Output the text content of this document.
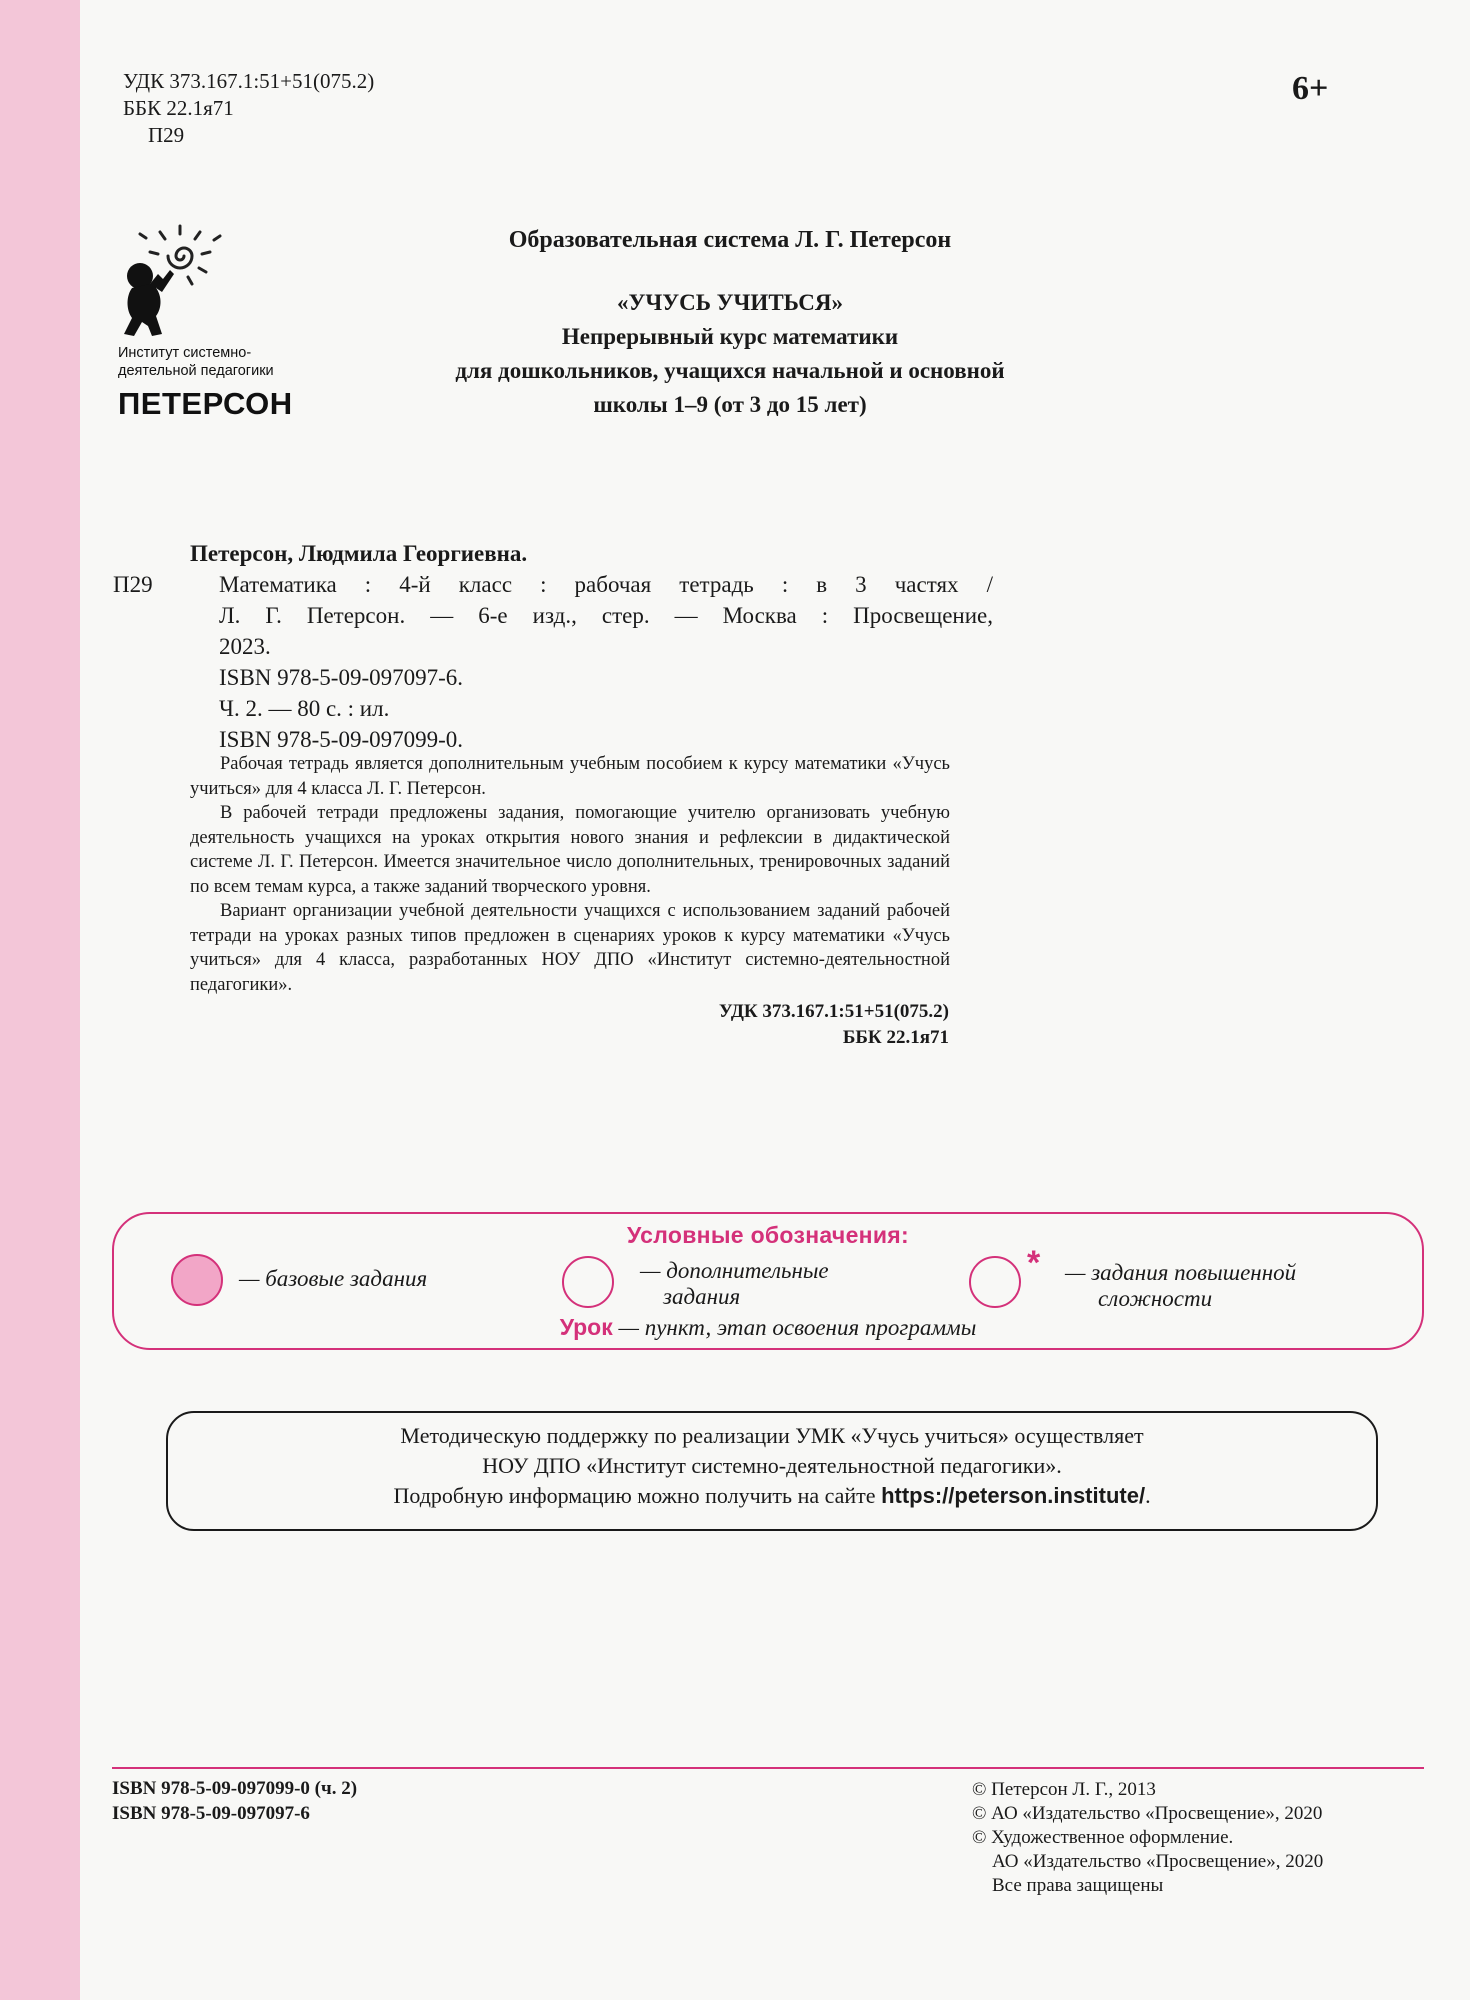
УДК 373.167.1:51+51(075.2)
ББК 22.1я71
П29
6+
Институт системно-
деятельной педагогики
ПЕТЕРСОН
Образовательная система Л. Г. Петерсон
«УЧУСЬ УЧИТЬСЯ»
Непрерывный курс математики
для дошкольников, учащихся начальной и основной
школы 1–9 (от 3 до 15 лет)
Петерсон, Людмила Георгиевна.
П29	Математика : 4-й класс : рабочая тетрадь : в 3 частях /
Л. Г. Петерсон. — 6-е изд., стер. — Москва : Просвещение,
2023.
ISBN 978-5-09-097097-6.
Ч. 2. — 80 с. : ил.
ISBN 978-5-09-097099-0.

Рабочая тетрадь является дополнительным учебным пособием к курсу математики «Учусь учиться» для 4 класса Л. Г. Петерсон.

В рабочей тетради предложены задания, помогающие учителю организовать учебную деятельность учащихся на уроках открытия нового знания и рефлексии в дидактической системе Л. Г. Петерсон. Имеется значительное число дополнительных, тренировочных заданий по всем темам курса, а также заданий творческого уровня.

Вариант организации учебной деятельности учащихся с использованием заданий рабочей тетради на уроках разных типов предложен в сценариях уроков к курсу математики «Учусь учиться» для 4 класса, разработанных НОУ ДПО «Институт системно-деятельностной педагогики».

УДК 373.167.1:51+51(075.2)
ББК 22.1я71
Условные обозначения:
— базовые задания	— дополнительные
задания
* — задания повышенной
сложности
Урок — пункт, этап освоения программы
Методическую поддержку по реализации УМК «Учусь учиться» осуществляет
НОУ ДПО «Институт системно-деятельностной педагогики».
Подробную информацию можно получить на сайте https://peterson.institute/.
ISBN 978-5-09-097099-0 (ч. 2)
ISBN 978-5-09-097097-6
© Петерсон Л. Г., 2013
© АО «Издательство «Просвещение», 2020
© Художественное оформление.
АО «Издательство «Просвещение», 2020
Все права защищены
